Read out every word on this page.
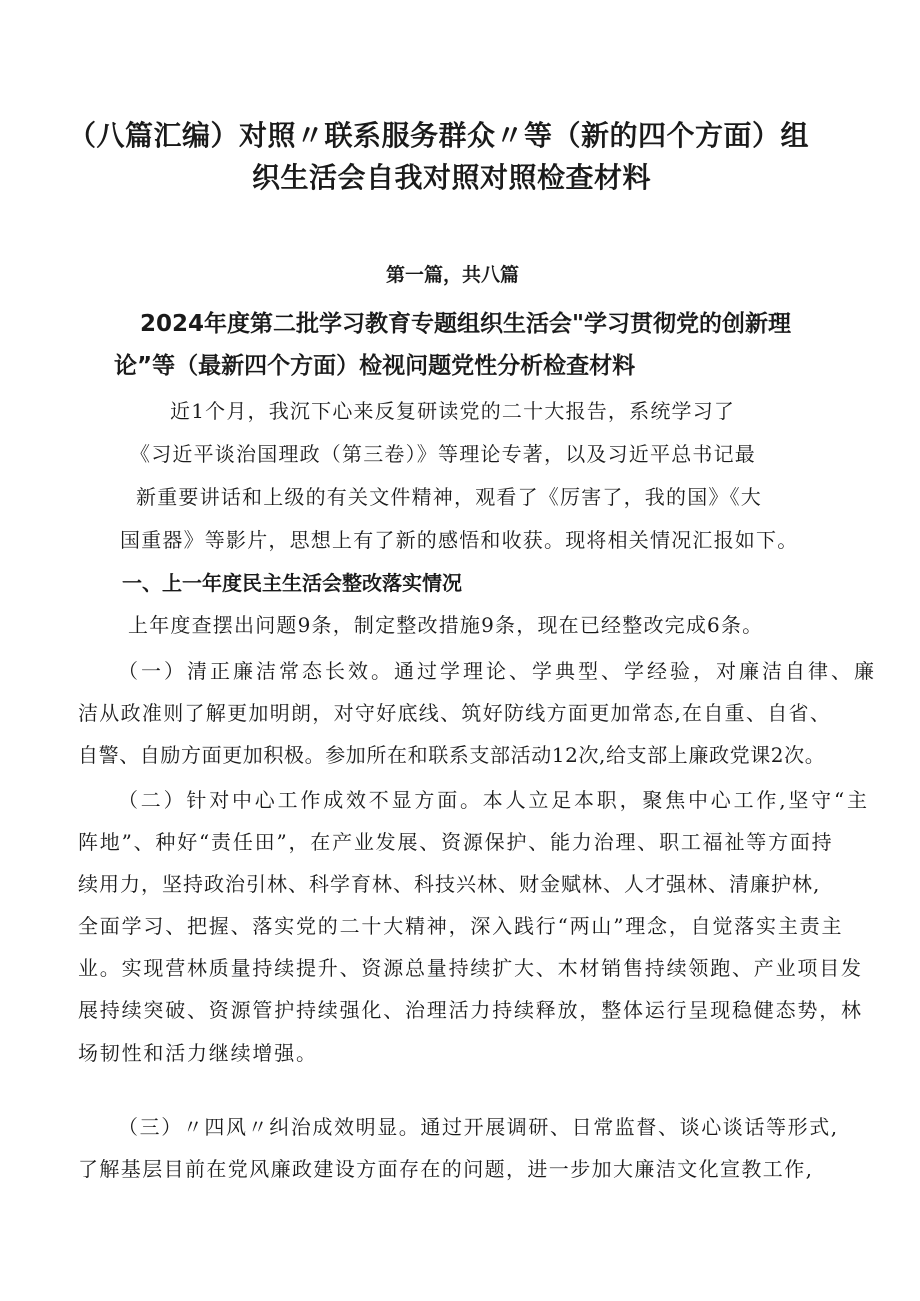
（八篇汇编）对照〃联系服务群众〃等（新的四个方面）组
织生活会自我对照对照检查材料
第一篇，共八篇
2024年度第二批学习教育专题组织生活会"学习贯彻党的创新理
论”等（最新四个方面）检视问题党性分析检查材料
近1个月，我沉下心来反复研读党的二十大报告，系统学习了
《习近平谈治国理政（第三卷）》等理论专著，以及习近平总书记最
新重要讲话和上级的有关文件精神，观看了《厉害了，我的国》《大
国重器》等影片，思想上有了新的感悟和收获。现将相关情况汇报如下。
一、上一年度民主生活会整改落实情况
上年度查摆出问题9条，制定整改措施9条，现在已经整改完成6条。
（一）清正廉洁常态长效。通过学理论、学典型、学经验，对廉洁自律、廉
洁从政准则了解更加明朗，对守好底线、筑好防线方面更加常态,在自重、自省、
自警、自励方面更加积极。参加所在和联系支部活动12次,给支部上廉政党课2次。
（二）针对中心工作成效不显方面。本人立足本职，聚焦中心工作,坚守“主
阵地”、种好“责任田”，在产业发展、资源保护、能力治理、职工福祉等方面持
续用力，坚持政治引林、科学育林、科技兴林、财金赋林、人才强林、清廉护林,
全面学习、把握、落实党的二十大精神，深入践行“两山”理念，自觉落实主责主
业。实现营林质量持续提升、资源总量持续扩大、木材销售持续领跑、产业项目发
展持续突破、资源管护持续强化、治理活力持续释放，整体运行呈现稳健态势，林
场韧性和活力继续增强。
（三）〃四风〃纠治成效明显。通过开展调研、日常监督、谈心谈话等形式,
了解基层目前在党风廉政建设方面存在的问题，进一步加大廉洁文化宣教工作,
